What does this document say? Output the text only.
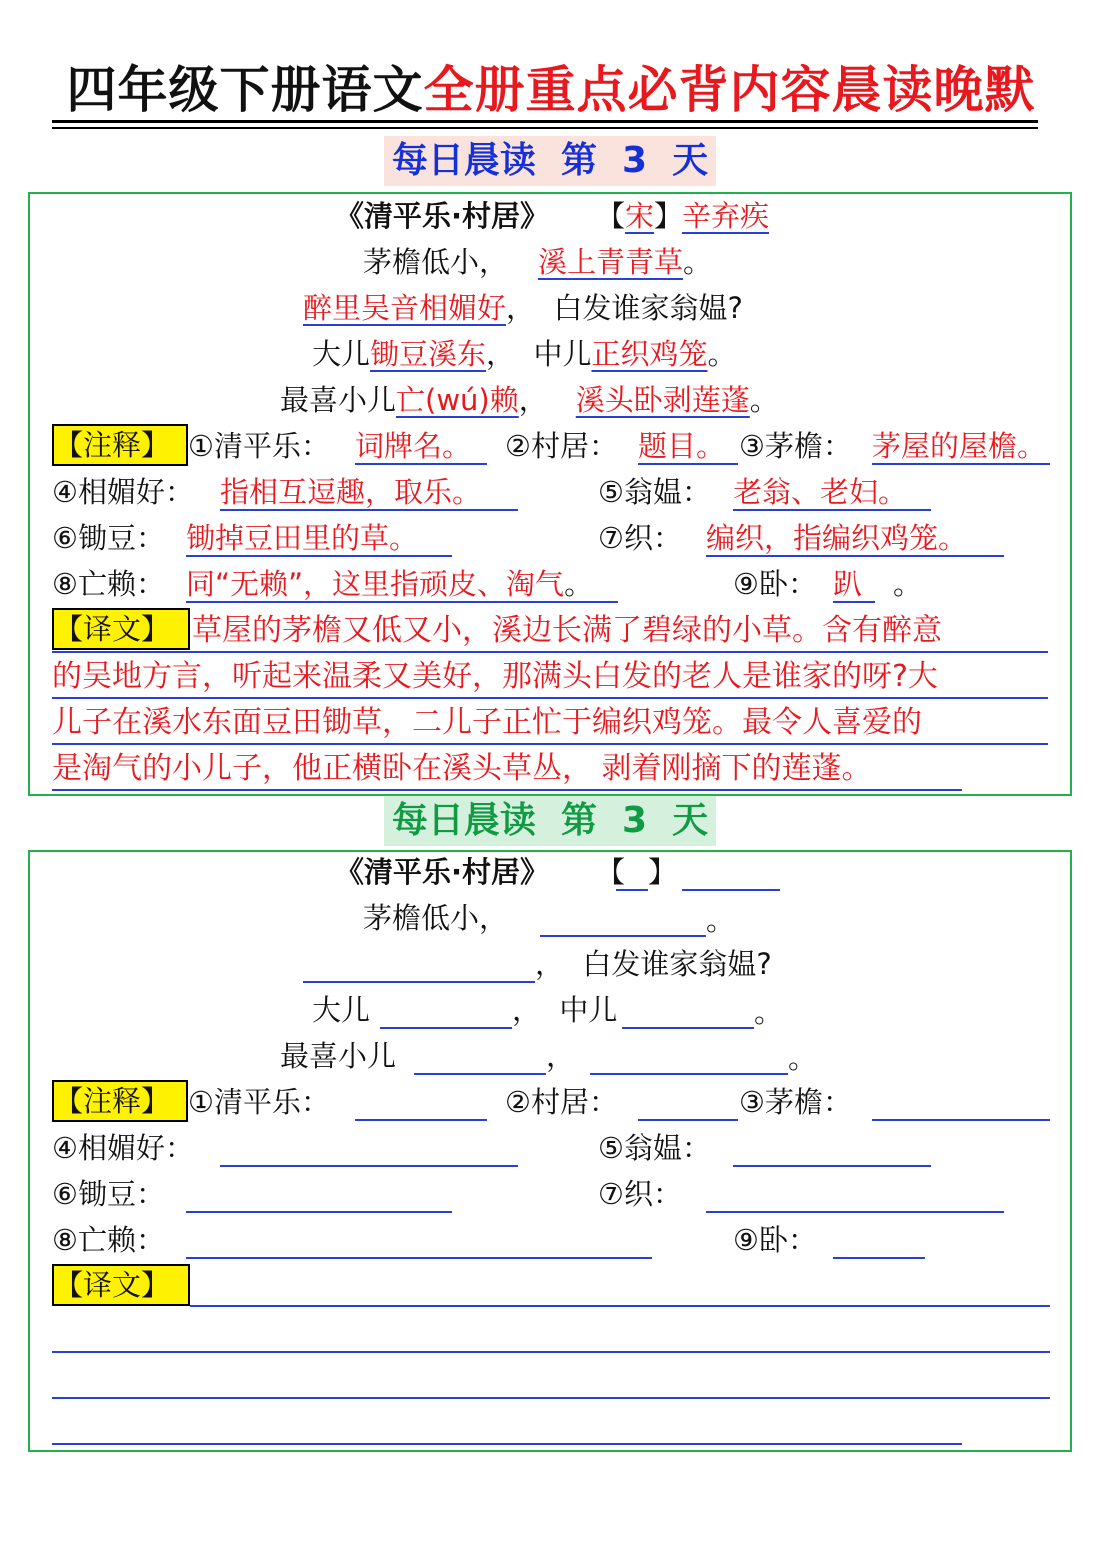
四年级下册语文全册重点必背内容晨读晚默
每日晨读  第  3  天
《清平乐·村居》 【宋】
辛弃疾
茅檐低小， 溪上青青草。
醉里吴音相媚好，  白发谁家翁媪?
大儿锄豆溪东，  中儿正织鸡笼。
最喜小儿亡(wú)赖， 溪头卧剥莲蓬。
【注释】 ①清平乐： 词牌名。 ②村居： 题目。 ③茅檐： 茅屋的屋檐。
④相媚好： 指相互逗趣，取乐。	⑤翁媪： 老翁、老妇。
⑥锄豆： 锄掉豆田里的草。	⑦织： 编织，指编织鸡笼。
⑧亡赖： 同“无赖”，这里指顽皮、淘气。	⑨卧： 趴 。
【译文】 草屋的茅檐又低又小，溪边长满了碧绿的小草。含有醉意
的吴地方言，听起来温柔又美好，那满头白发的老人是谁家的呀?大
儿子在溪水东面豆田锄草，二儿子正忙于编织鸡笼。最令人喜爱的
是淘气的小儿子，他正横卧在溪头草丛， 剥着刚摘下的莲蓬。
每日晨读  第  3  天
《清平乐·村居》 【 】
茅檐低小，	。
，  白发谁家翁媪?
大儿	，  中儿	。
最喜小儿	，	。
【注释】 ①清平乐：	②村居：	③茅檐：
④相媚好：	⑤翁媪：
⑥锄豆：	⑦织：
⑧亡赖：	⑨卧：
【译文】
